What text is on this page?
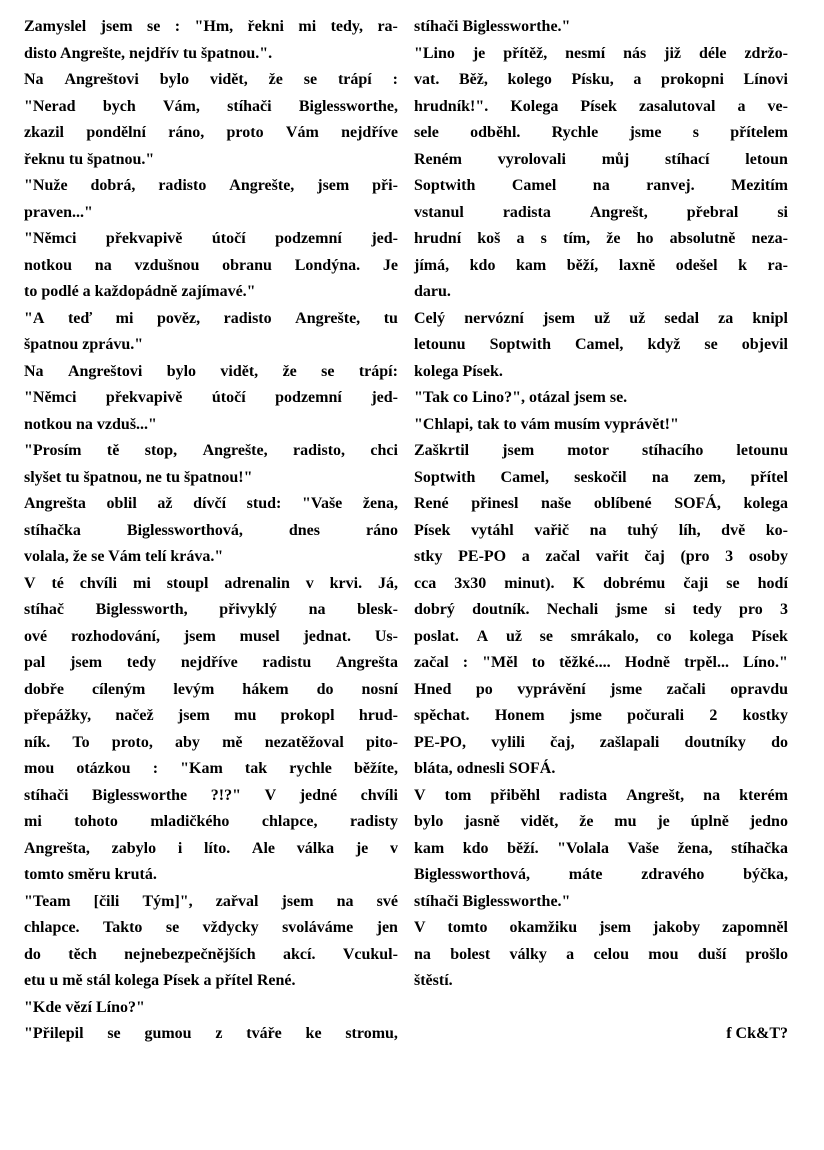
Zamyslel jsem se : "Hm, řekni mi tedy, ra-
disto Angrešte, nejdřív tu špatnou.".
Na Angreštovi bylo vidět, že se trápí :
"Nerad bych Vám, stíhači Biglessworthe,
zkazil pondělní ráno, proto Vám nejdříve
řeknu tu špatnou."
"Nuže dobrá, radisto Angrešte, jsem při-
praven..."
"Němci překvapivě útočí podzemní jed-
notkou na vzdušnou obranu Londýna. Je
to podlé a každopádně zajímavé."
"A teď mi pověz, radisto Angrešte, tu
špatnou zprávu."
Na Angreštovi bylo vidět, že se trápí:
"Němci překvapivě útočí podzemní jed-
notkou na vzduš..."
"Prosím tě stop, Angrešte, radisto, chci
slyšet tu špatnou, ne tu špatnou!"
Angrešta oblil až dívčí stud: "Vaše žena,
stíhačka	Biglessworthová,	dnes	ráno
volala, že se Vám telí kráva."
V té chvíli mi stoupl adrenalin v krvi. Já,
stíhač Biglessworth, přivyklý na blesk-
ové rozhodování, jsem musel jednat. Us-
pal jsem tedy nejdříve radistu Angrešta
dobře cíleným levým hákem do nosní
přepážky, načež jsem mu prokopl hrud-
ník. To proto, aby mě nezatěžoval pito-
mou otázkou : "Kam tak rychle běžíte,
stíhači Biglessworthe ?!?" V jedné chvíli
mi tohoto mladičkého chlapce, radisty
Angrešta, zabylo i líto. Ale válka je v
tomto směru krutá.
"Team [čili Tým]", zařval jsem na své
chlapce. Takto se vždycky svoláváme jen
do těch nejnebezpečnějších akcí. Vcukul-
etu u mě stál kolega Písek a přítel René.
"Kde vězí Líno?"
"Přilepil se gumou z tváře ke stromu,
stíhači Biglessworthe."
"Lino je přítěž, nesmí nás již déle zdržo-
vat. Běž, kolego Písku, a prokopni Línovi
hrudník!". Kolega Písek zasalutoval a ve-
sele odběhl. Rychle jsme s přítelem
Reném vyrolovali můj stíhací letoun
Soptwith Camel na ranvej. Mezitím
vstanul radista Angrešt, přebral si
hrudní koš a s tím, že ho absolutně neza-
jímá, kdo kam běží, laxně odešel k ra-
daru.
Celý nervózní jsem už už sedal za knipl
letounu Soptwith Camel, když se objevil
kolega Písek.
"Tak co Lino?", otázal jsem se.
"Chlapi, tak to vám musím vyprávět!"
Zaškrtil jsem motor stíhacího letounu
Soptwith Camel, seskočil na zem, přítel
René přinesl naše oblíbené SOFÁ, kolega
Písek vytáhl vařič na tuhý líh, dvě ko-
stky PE-PO a začal vařit čaj (pro 3 osoby
cca 3x30 minut). K dobrému čaji se hodí
dobrý doutník. Nechali jsme si tedy pro 3
poslat. A už se smrákalo, co kolega Písek
začal : "Měl to těžké.... Hodně trpěl... Líno."
Hned po vyprávění jsme začali opravdu
spěchat. Honem jsme počurali 2 kostky
PE-PO, vylili čaj, zašlapali doutníky do
bláta, odnesli SOFÁ.
V tom přiběhl radista Angrešt, na kterém
bylo jasně vidět, že mu je úplně jedno
kam kdo běží. "Volala Vaše žena, stíhačka
Biglessworthová, máte zdravého býčka,
stíhači Biglessworthe."
V tomto okamžiku jsem jakoby zapomněl
na bolest války a celou mou duší prošlo
štěstí.
f Ck&T?
